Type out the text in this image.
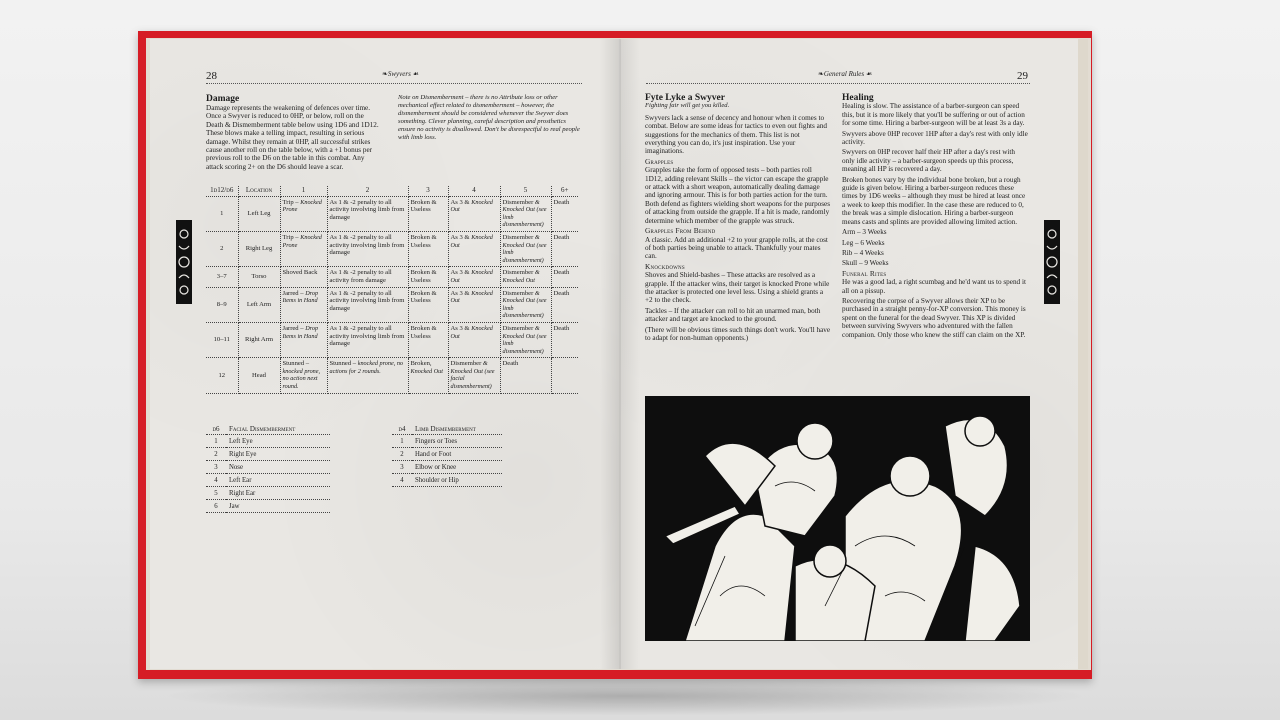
28	❧ Swyvers ☙
Damage
Damage represents the weakening of defences over time. Once a Swyver is reduced to 0HP, or below, roll on the Death & Dismemberment table below using 1D6 and 1D12. These blows make a telling impact, resulting in serious damage. Whilst they remain at 0HP, all successful strikes cause another roll on the table below, with a +1 bonus per previous roll to the D6 on the table in this combat. Any attack scoring 2+ on the D6 should leave a scar.
Note on Dismemberment – there is no Attribute loss or other mechanical effect related to dismemberment – however, the dismemberment should be considered whenever the Swyver does something. Clever planning, careful description and prosthetics ensure no activity is disallowed. Don't be disrespectful to real people with limb loss.
1d12/d6	Location	1	2	3	4	5	6+
1	Left Leg	Trip – Knocked Prone	As 1 & -2 penalty to all activity involving limb from damage	Broken & Useless	As 3 & Knocked Out	Dismember & Knocked Out (see limb dismemberment)	Death
2	Right Leg	Trip – Knocked Prone	As 1 & -2 penalty to all activity involving limb from damage	Broken & Useless	As 3 & Knocked Out	Dismember & Knocked Out (see limb dismemberment)	Death
3–7	Torso	Shoved Back	As 1 & -2 penalty to all activity from damage	Broken & Useless	As 3 & Knocked Out	Dismember & Knocked Out	Death
8–9	Left Arm	Jarred – Drop Items in Hand	As 1 & -2 penalty to all activity involving limb from damage	Broken & Useless	As 3 & Knocked Out	Dismember & Knocked Out (see limb dismemberment)	Death
10–11	Right Arm	Jarred – Drop Items in Hand	As 1 & -2 penalty to all activity involving limb from damage	Broken & Useless	As 3 & Knocked Out	Dismember & Knocked Out (see limb dismemberment)	Death
12	Head	Stunned – knocked prone, no action next round.	Stunned – knocked prone, no actions for 2 rounds.	Broken, Knocked Out	Dismember & Knocked Out (see facial dismemberment)	Death	
d6	Facial Dismemberment
1	Left Eye
2	Right Eye
3	Nose
4	Left Ear
5	Right Ear
6	Jaw
d4	Limb Dismemberment
1	Fingers or Toes
2	Hand or Foot
3	Elbow or Knee
4	Shoulder or Hip
❧ General Rules ☙	29
Fyte Lyke a Swyver
Fighting fair will get you killed.

Swyvers lack a sense of decency and honour when it comes to combat. Below are some ideas for tactics to even out fights and suggestions for the mechanics of them. This list is not everything you can do, it's just inspiration. Use your imaginations.

Grapples

Grapples take the form of opposed tests – both parties roll 1D12, adding relevant Skills – the victor can escape the grapple or attack with a short weapon, automatically dealing damage and ignoring armour. This is for both parties action for the turn. Both defend as fighters wielding short weapons for the purposes of attacking from outside the grapple. If a hit is made, randomly determine which member of the grapple was struck.

Grapples From Behind

A classic. Add an additional +2 to your grapple rolls, at the cost of both parties being unable to attack. Thankfully your mates can.

Knockdowns

Shoves and Shield-bashes – These attacks are resolved as a grapple. If the attacker wins, their target is knocked Prone while the attacker is protected one level less. Using a shield grants a +2 to the check.

Tackles – If the attacker can roll to hit an unarmed man, both attacker and target are knocked to the ground.

(There will be obvious times such things don't work. You'll have to adapt for non-human opponents.)

Healing

Healing is slow. The assistance of a barber-surgeon can speed this, but it is more likely that you'll be suffering or out of action for some time. Hiring a barber-surgeon will be at least 3s a day.

Swyvers above 0HP recover 1HP after a day's rest with only idle activity.

Swyvers on 0HP recover half their HP after a day's rest with only idle activity – a barber-surgeon speeds up this process, meaning all HP is recovered a day.

Broken bones vary by the individual bone broken, but a rough guide is given below. Hiring a barber-surgeon reduces these times by 1D6 weeks – although they must be hired at least once a week to keep this modifier. In the case these are reduced to 0, the break was a simple dislocation. Hiring a barber-surgeon means casts and splints are provided allowing limited action.

Arm – 3 Weeks

Leg – 6 Weeks

Rib – 4 Weeks

Skull – 9 Weeks

Funeral Rites

He was a good lad, a right scumbag and he'd want us to spend it all on a pissup.

Recovering the corpse of a Swyver allows their XP to be purchased in a straight penny-for-XP conversion. This money is spent on the funeral for the dead Swyver. This XP is divided between surviving Swyvers who adventured with the fallen companion. Only those who knew the stiff can claim on the XP.
